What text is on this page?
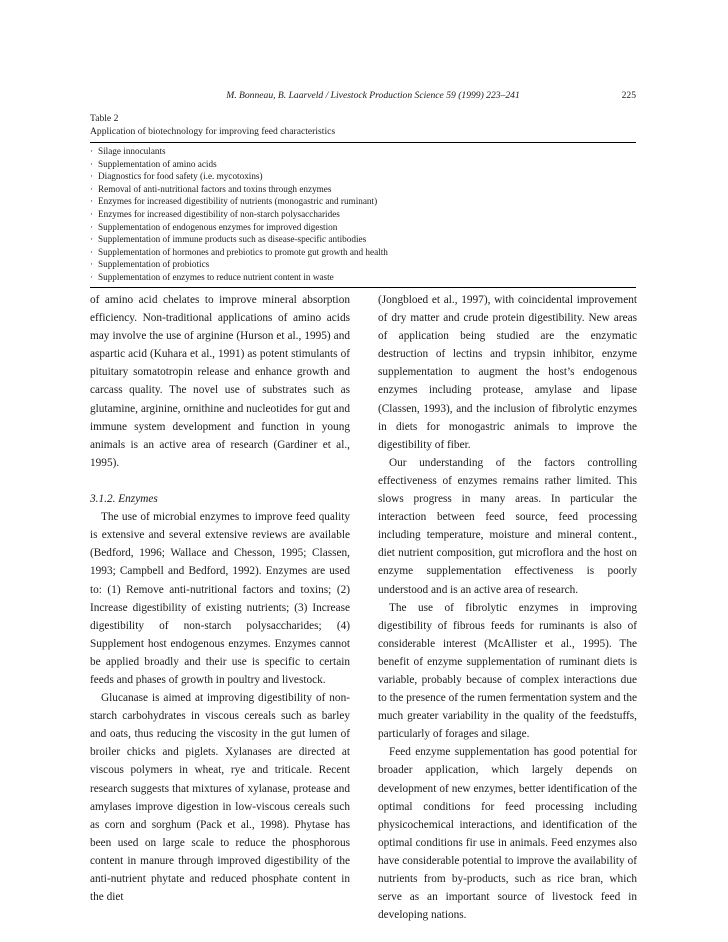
M. Bonneau, B. Laarveld / Livestock Production Science 59 (1999) 223–241	225
Table 2
Application of biotechnology for improving feed characteristics
· Silage innoculants
· Supplementation of amino acids
· Diagnostics for food safety (i.e. mycotoxins)
· Removal of anti-nutritional factors and toxins through enzymes
· Enzymes for increased digestibility of nutrients (monogastric and ruminant)
· Enzymes for increased digestibility of non-starch polysaccharides
· Supplementation of endogenous enzymes for improved digestion
· Supplementation of immune products such as disease-specific antibodies
· Supplementation of hormones and prebiotics to promote gut growth and health
· Supplementation of probiotics
· Supplementation of enzymes to reduce nutrient content in waste

of amino acid chelates to improve mineral absorption efficiency. Non-traditional applications of amino acids may involve the use of arginine (Hurson et al., 1995) and aspartic acid (Kuhara et al., 1991) as potent stimulants of pituitary somatotropin release and enhance growth and carcass quality. The novel use of substrates such as glutamine, arginine, ornithine and nucleotides for gut and immune system development and function in young animals is an active area of research (Gardiner et al., 1995).

3.1.2. Enzymes

The use of microbial enzymes to improve feed quality is extensive and several extensive reviews are available (Bedford, 1996; Wallace and Chesson, 1995; Classen, 1993; Campbell and Bedford, 1992). Enzymes are used to: (1) Remove anti-nutritional factors and toxins; (2) Increase digestibility of existing nutrients; (3) Increase digestibility of non-starch polysaccharides; (4) Supplement host endogenous enzymes. Enzymes cannot be applied broadly and their use is specific to certain feeds and phases of growth in poultry and livestock.

Glucanase is aimed at improving digestibility of non-starch carbohydrates in viscous cereals such as barley and oats, thus reducing the viscosity in the gut lumen of broiler chicks and piglets. Xylanases are directed at viscous polymers in wheat, rye and triticale. Recent research suggests that mixtures of xylanase, protease and amylases improve digestion in low-viscous cereals such as corn and sorghum (Pack et al., 1998). Phytase has been used on large scale to reduce the phosphorous content in manure through improved digestibility of the anti-nutrient phytate and reduced phosphate content in the diet

(Jongbloed et al., 1997), with coincidental improvement of dry matter and crude protein digestibility. New areas of application being studied are the enzymatic destruction of lectins and trypsin inhibitor, enzyme supplementation to augment the host’s endogenous enzymes including protease, amylase and lipase (Classen, 1993), and the inclusion of fibrolytic enzymes in diets for monogastric animals to improve the digestibility of fiber.

Our understanding of the factors controlling effectiveness of enzymes remains rather limited. This slows progress in many areas. In particular the interaction between feed source, feed processing including temperature, moisture and mineral content., diet nutrient composition, gut microflora and the host on enzyme supplementation effectiveness is poorly understood and is an active area of research.

The use of fibrolytic enzymes in improving digestibility of fibrous feeds for ruminants is also of considerable interest (McAllister et al., 1995). The benefit of enzyme supplementation of ruminant diets is variable, probably because of complex interactions due to the presence of the rumen fermentation system and the much greater variability in the quality of the feedstuffs, particularly of forages and silage.

Feed enzyme supplementation has good potential for broader application, which largely depends on development of new enzymes, better identification of the optimal conditions for feed processing including physicochemical interactions, and identification of the optimal conditions fir use in animals. Feed enzymes also have considerable potential to improve the availability of nutrients from by-products, such as rice bran, which serve as an important source of livestock feed in developing nations.
